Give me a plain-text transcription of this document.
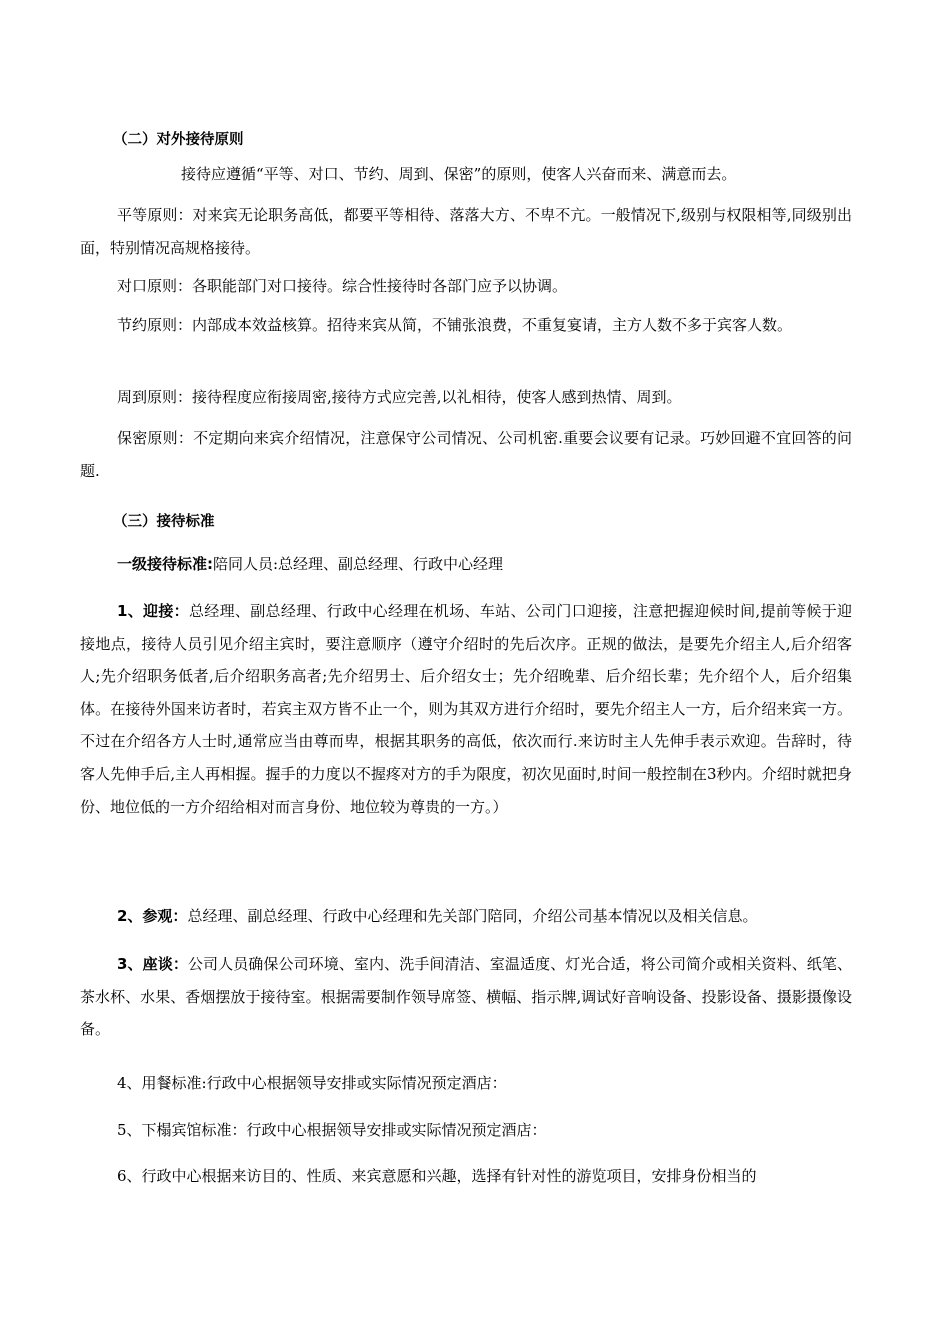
（二）对外接待原则
接待应遵循“平等、对口、节约、周到、保密”的原则，使客人兴奋而来、满意而去。
平等原则：对来宾无论职务高低，都要平等相待、落落大方、不卑不亢。一般情况下,级别与权限相等,同级别出面，特别情况高规格接待。
对口原则：各职能部门对口接待。综合性接待时各部门应予以协调。
节约原则：内部成本效益核算。招待来宾从简，不铺张浪费，不重复宴请，主方人数不多于宾客人数。
周到原则：接待程度应衔接周密,接待方式应完善,以礼相待，使客人感到热情、周到。
保密原则：不定期向来宾介绍情况，注意保守公司情况、公司机密.重要会议要有记录。巧妙回避不宜回答的问题.
（三）接待标准
一级接待标准:陪同人员:总经理、副总经理、行政中心经理
1、迎接：总经理、副总经理、行政中心经理在机场、车站、公司门口迎接，注意把握迎候时间,提前等候于迎接地点，接待人员引见介绍主宾时，要注意顺序（遵守介绍时的先后次序。正规的做法，是要先介绍主人,后介绍客人;先介绍职务低者,后介绍职务高者;先介绍男士、后介绍女士；先介绍晚辈、后介绍长辈；先介绍个人，后介绍集体。在接待外国来访者时，若宾主双方皆不止一个，则为其双方进行介绍时，要先介绍主人一方，后介绍来宾一方。不过在介绍各方人士时,通常应当由尊而卑，根据其职务的高低，依次而行.来访时主人先伸手表示欢迎。告辞时，待客人先伸手后,主人再相握。握手的力度以不握疼对方的手为限度，初次见面时,时间一般控制在3秒内。介绍时就把身份、地位低的一方介绍给相对而言身份、地位较为尊贵的一方。）
2、参观：总经理、副总经理、行政中心经理和先关部门陪同，介绍公司基本情况以及相关信息。
3、座谈：公司人员确保公司环境、室内、洗手间清洁、室温适度、灯光合适，将公司简介或相关资料、纸笔、茶水杯、水果、香烟摆放于接待室。根据需要制作领导席签、横幅、指示牌,调试好音响设备、投影设备、摄影摄像设备。
4、用餐标准:行政中心根据领导安排或实际情况预定酒店：
5、下榻宾馆标准：行政中心根据领导安排或实际情况预定酒店：
6、行政中心根据来访目的、性质、来宾意愿和兴趣，选择有针对性的游览项目，安排身份相当的
